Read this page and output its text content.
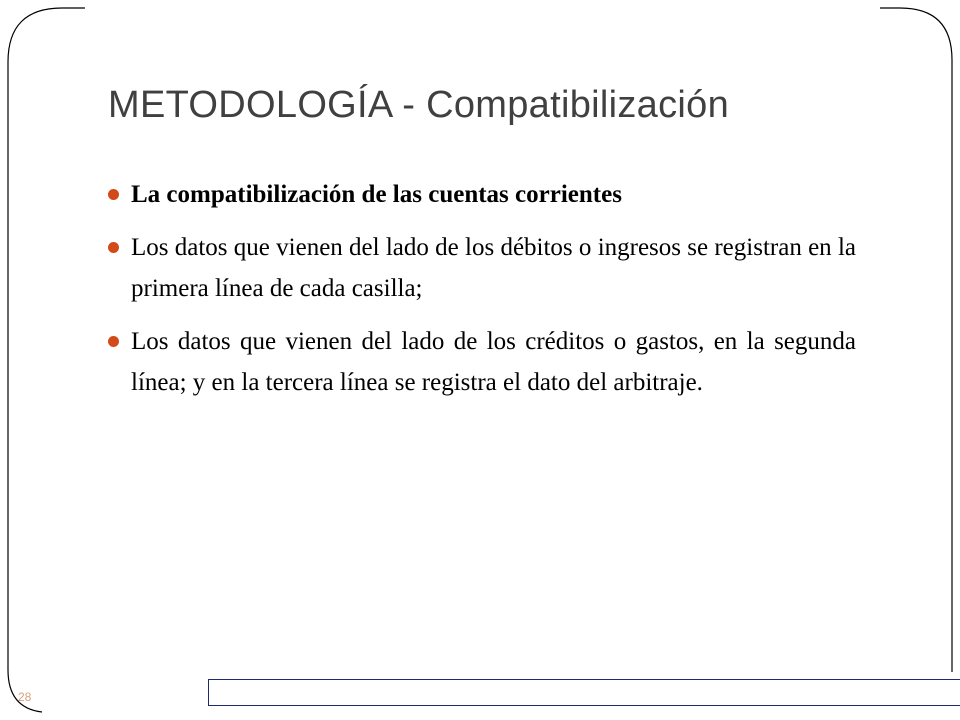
METODOLOGÍA - Compatibilización
La compatibilización de las cuentas corrientes
Los datos que vienen del lado de los débitos o ingresos se registran en la primera línea de cada casilla;
Los datos que vienen del lado de los créditos o gastos, en la segunda línea; y en la tercera línea se registra el dato del arbitraje.
28
